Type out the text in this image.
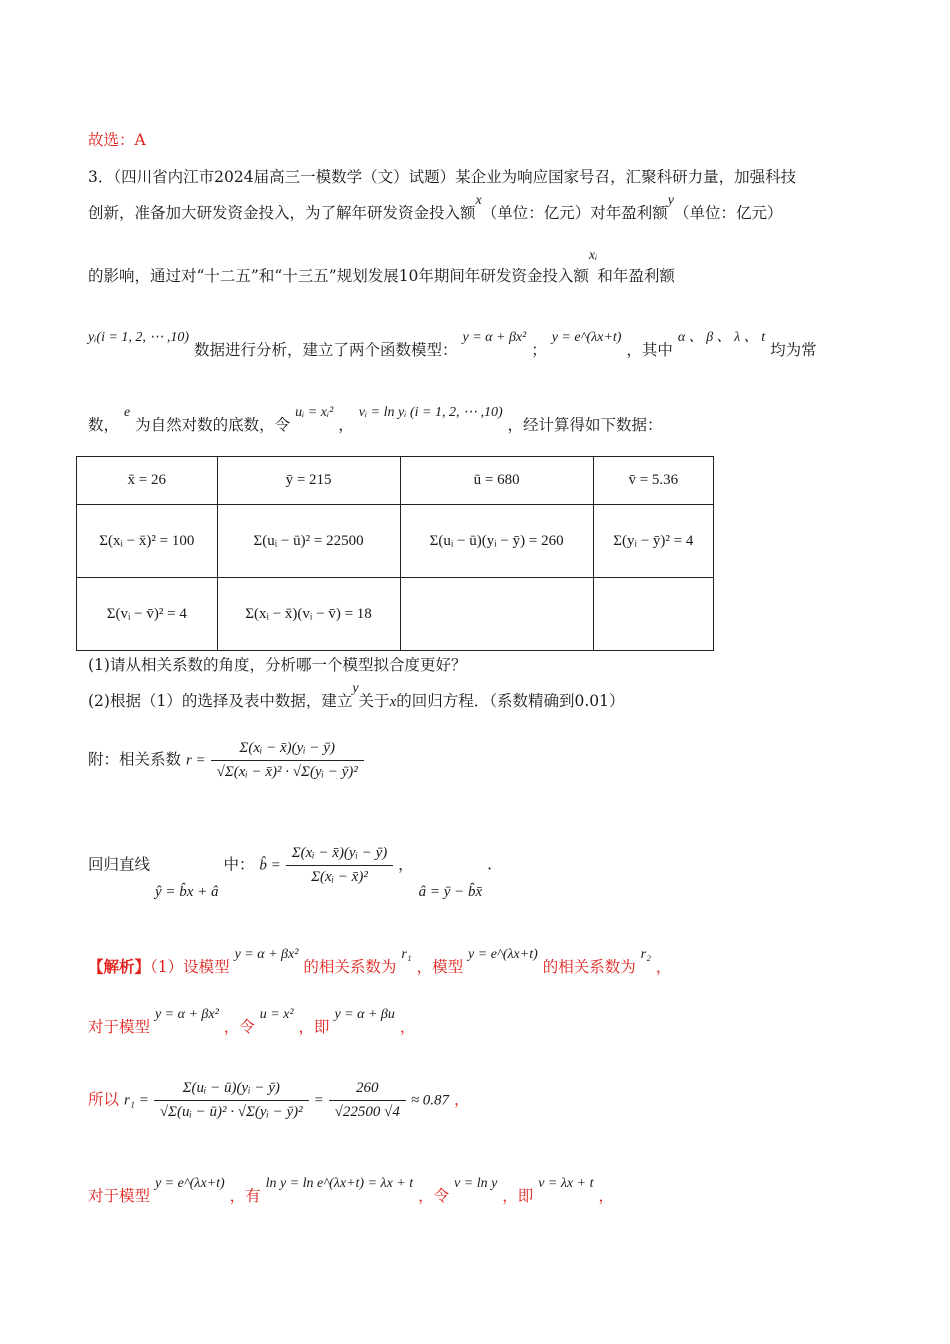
故选：A
3．（四川省内江市2024届高三一模数学（文）试题）某企业为响应国家号召，汇聚科研力量，加强科技
创新，准备加大研发资金投入，为了解年研发资金投入额x（单位：亿元）对年盈利额y（单位：亿元）
的影响，通过对“十二五”和“十三五”规划发展10年期间年研发资金投入额xᵢ和年盈利额
yᵢ(i = 1, 2, ⋯ ,10) 数据进行分析，建立了两个函数模型： y = α + βx² ； y = e^(λx+t) ，其中 α 、 β 、 λ 、 t 均为常
数， e 为自然对数的底数，令 uᵢ = xᵢ² ， vᵢ = ln yᵢ (i = 1, 2, ⋯ ,10) ，经计算得如下数据：
x̄ = 26	ȳ = 215	ū = 680	v̄ = 5.36
Σ(xᵢ − x̄)² = 100	Σ(uᵢ − ū)² = 22500	Σ(uᵢ − ū)(yᵢ − ȳ) = 260	Σ(yᵢ − ȳ)² = 4
Σ(vᵢ − v̄)² = 4	Σ(xᵢ − x̄)(vᵢ − v̄) = 18		
(1)请从相关系数的角度，分析哪一个模型拟合度更好？
(2)根据（1）的选择及表中数据，建立y关于x的回归方程．（系数精确到0.01）
附：相关系数 $r = \frac{\text{Σ(xᵢ − x̄)(yᵢ − ȳ)}}{\text{√Σ(xᵢ − x̄)² · √Σ(yᵢ − ȳ)²}}$
回归直线 ŷ = b̂x + â 中： b̂ = $\frac{\text{Σ(xᵢ − x̄)(yᵢ − ȳ)}}{\text{Σ(xᵢ − x̄)²}}$ ， â = ȳ − b̂x̄ .
【解析】（1）设模型 y = α + βx² 的相关系数为 r₁ ，模型 y = e^(λx+t) 的相关系数为 r₂ ，
对于模型 y = α + βx² ，令 u = x² ，即 y = α + βu ，
所以 $r_1 = \frac{\text{Σ(uᵢ − ū)(yᵢ − ȳ)}}{\text{√Σ(uᵢ − ū)² · √Σ(yᵢ − ȳ)²}} = \frac{260}{√22500 √4} \approx 0.87$ ，
对于模型 y = e^(λx+t) ，有 ln y = ln e^(λx+t) = λx + t ，令 v = ln y ，即 v = λx + t ，
